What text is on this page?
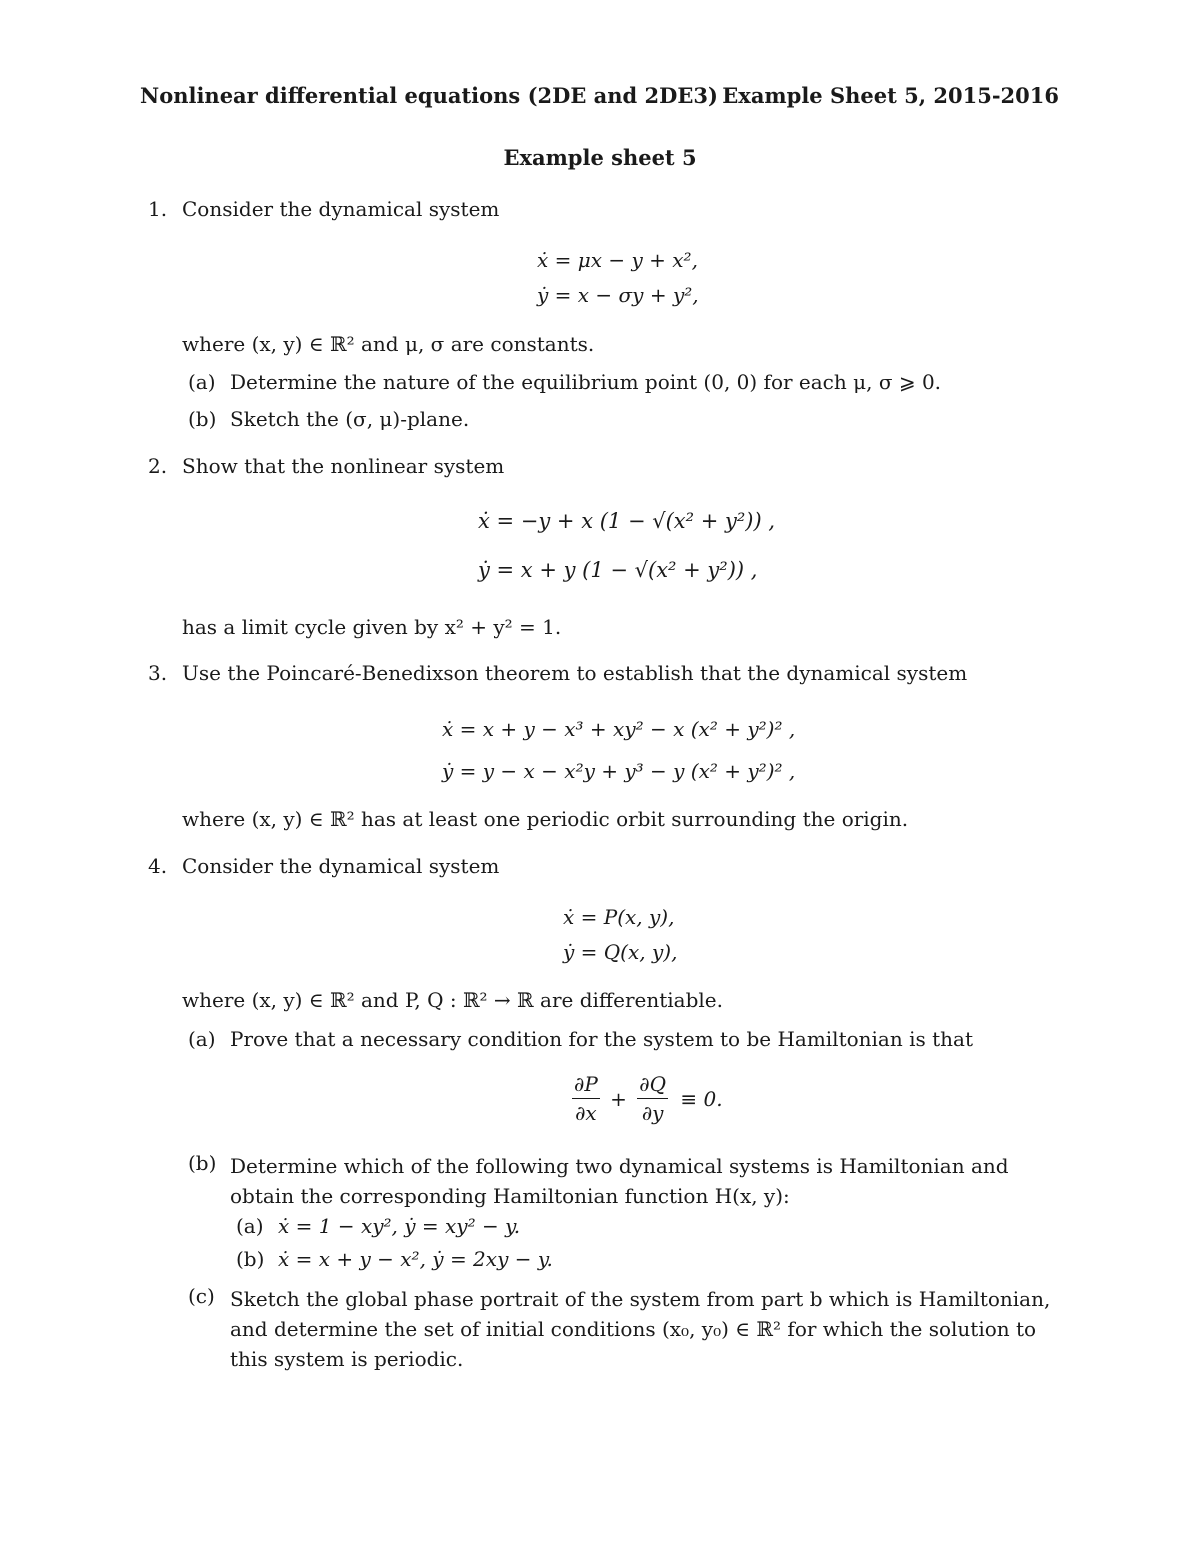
Nonlinear differential equations (2DE and 2DE3) Example Sheet 5, 2015-2016
Example sheet 5
1. Consider the dynamical system
ẋ = μx − y + x²,
ẏ = x − σy + y²,
where (x, y) ∈ ℝ² and μ, σ are constants.
(a) Determine the nature of the equilibrium point (0, 0) for each μ, σ ⩾ 0.
(b) Sketch the (σ, μ)-plane.
2. Show that the nonlinear system
ẋ = −y + x (1 − √(x² + y²)) ,
ẏ = x + y (1 − √(x² + y²)) ,
has a limit cycle given by x² + y² = 1.
3. Use the Poincaré-Benedixson theorem to establish that the dynamical system
ẋ = x + y − x³ + xy² − x (x² + y²)² ,
ẏ = y − x − x²y + y³ − y (x² + y²)² ,
where (x, y) ∈ ℝ² has at least one periodic orbit surrounding the origin.
4. Consider the dynamical system
ẋ = P(x, y),
ẏ = Q(x, y),
where (x, y) ∈ ℝ² and P, Q : ℝ² → ℝ are differentiable.
(a) Prove that a necessary condition for the system to be Hamiltonian is that
$\frac{\partial P}{\partial x} + \frac{\partial Q}{\partial y} \equiv 0$.
(b) Determine which of the following two dynamical systems is Hamiltonian and obtain the corresponding Hamiltonian function H(x, y):
(a) ẋ = 1 − xy², ẏ = xy² − y.
(b) ẋ = x + y − x², ẏ = 2xy − y.
(c) Sketch the global phase portrait of the system from part b which is Hamiltonian, and determine the set of initial conditions (x₀, y₀) ∈ ℝ² for which the solution to this system is periodic.
